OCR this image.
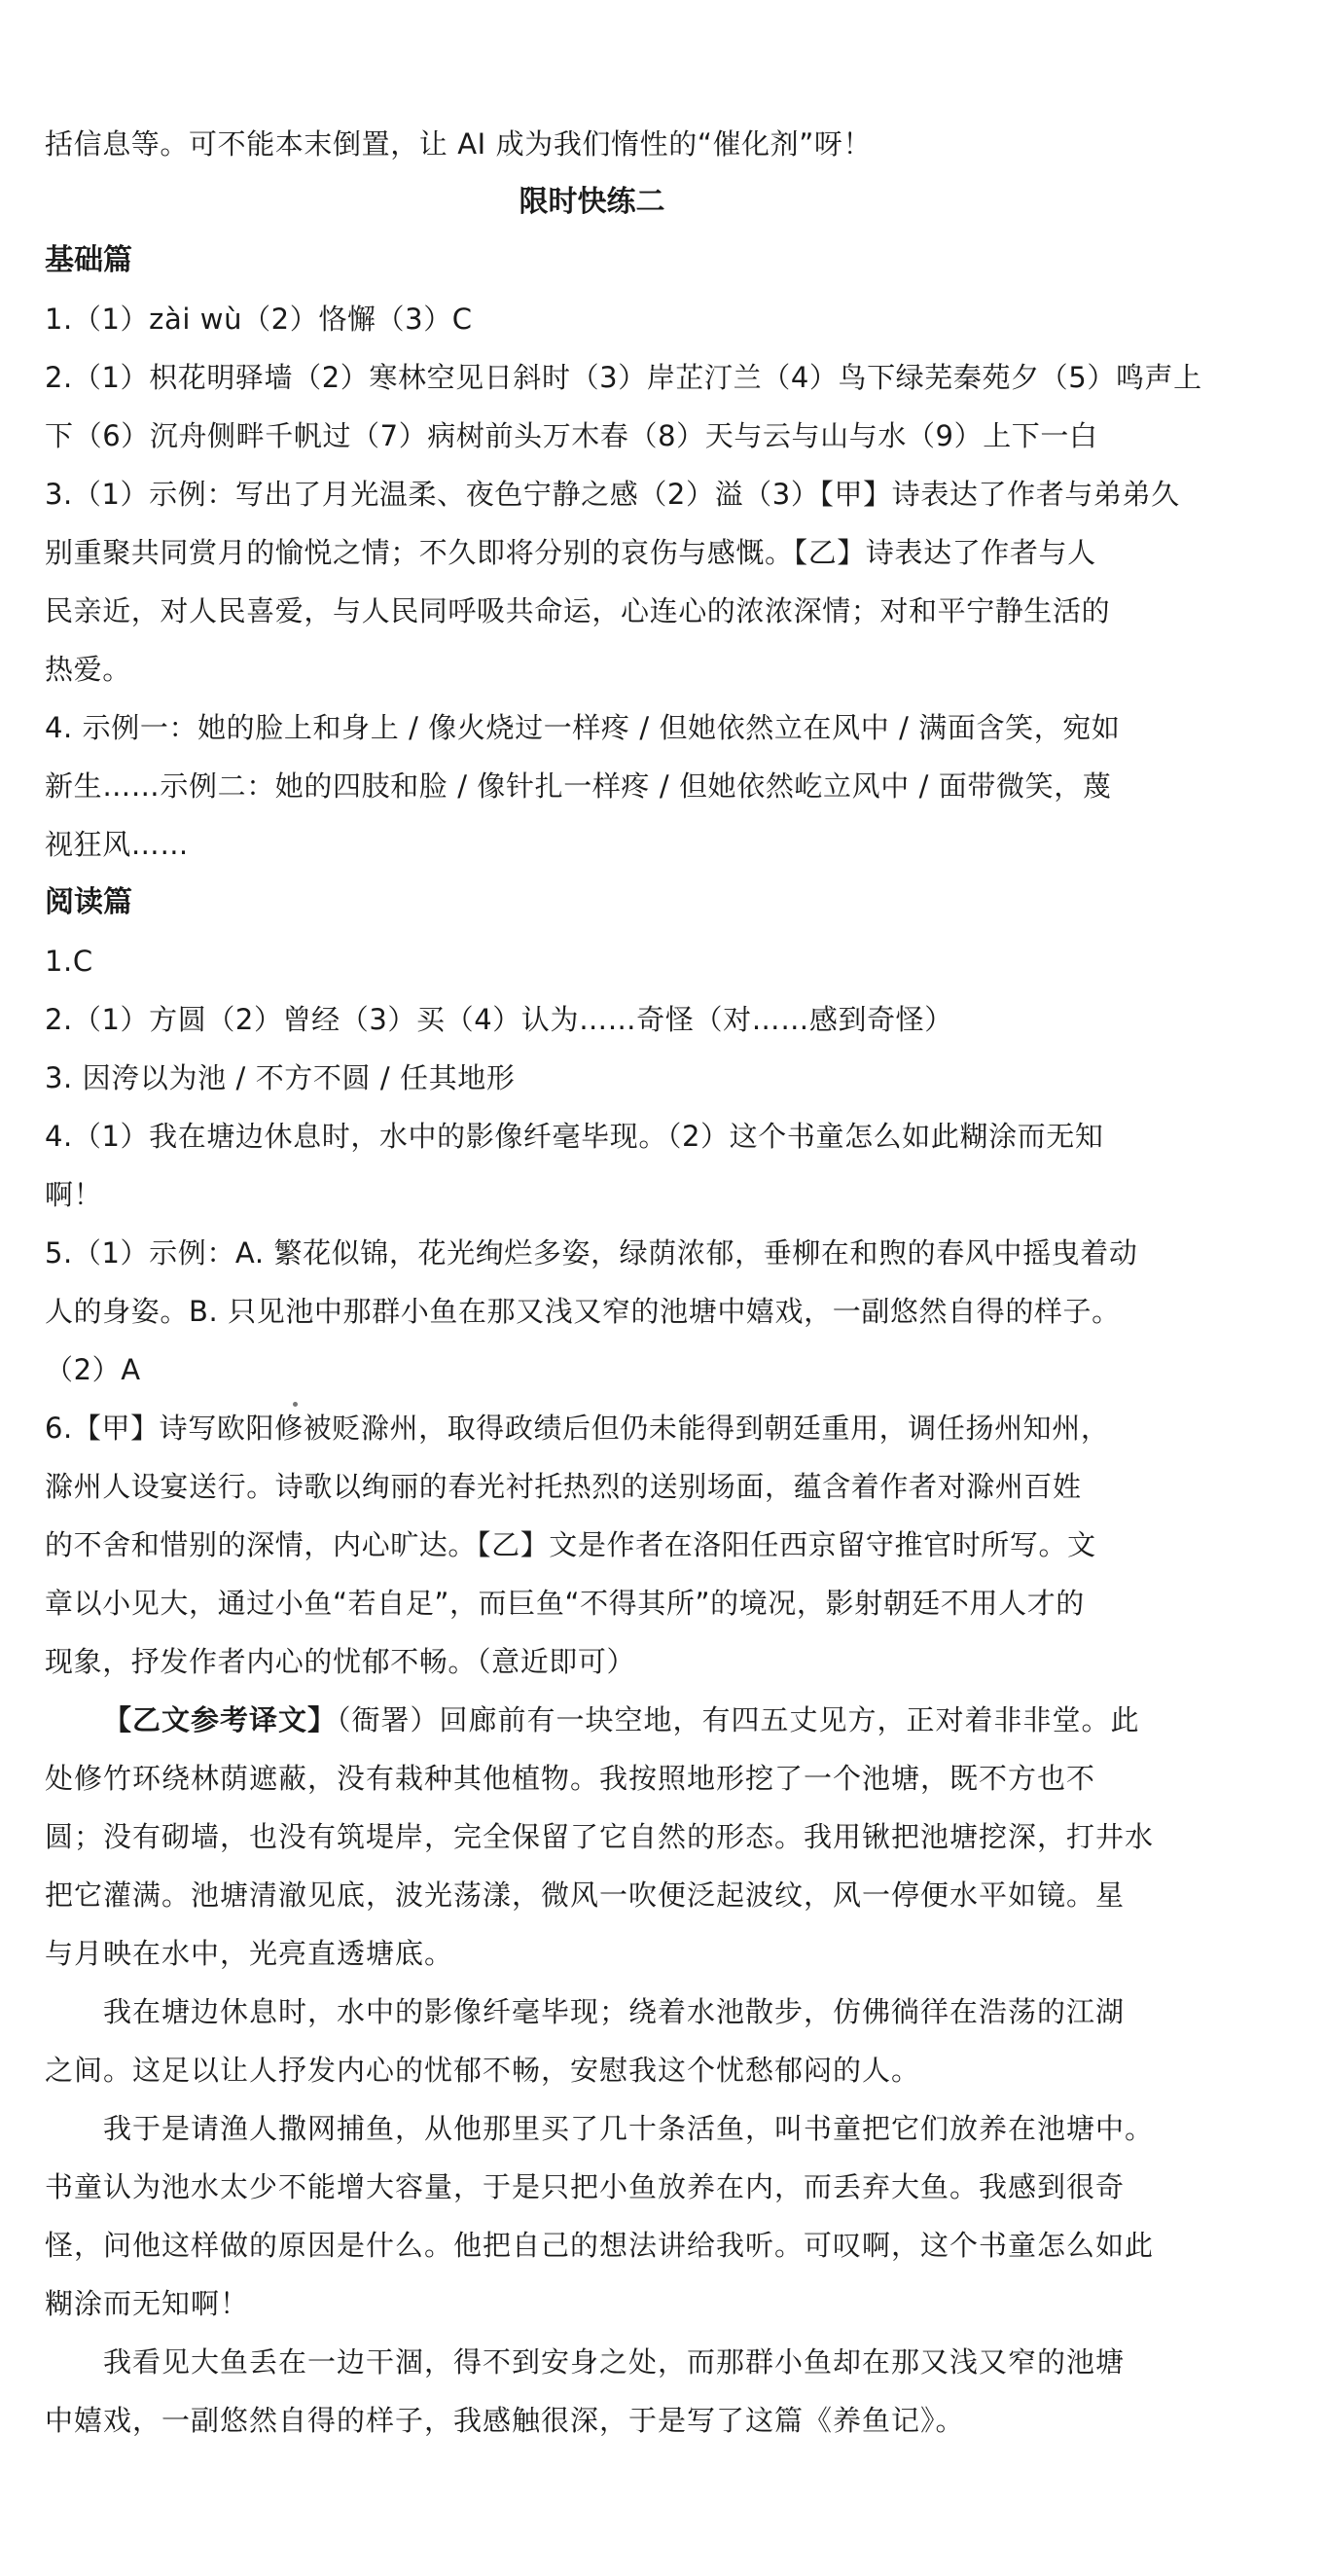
括信息等。可不能本末倒置，让 AI 成为我们惰性的“催化剂”呀！
限时快练二
基础篇
1.（1）zài wù（2）恪懈（3）C
2.（1）枳花明驿墙（2）寒林空见日斜时（3）岸芷汀兰（4）鸟下绿芜秦苑夕（5）鸣声上
下（6）沉舟侧畔千帆过（7）病树前头万木春（8）天与云与山与水（9）上下一白
3.（1）示例：写出了月光温柔、夜色宁静之感（2）溢（3）【甲】诗表达了作者与弟弟久
别重聚共同赏月的愉悦之情；不久即将分别的哀伤与感慨。【乙】诗表达了作者与人
民亲近，对人民喜爱，与人民同呼吸共命运，心连心的浓浓深情；对和平宁静生活的
热爱。
4. 示例一：她的脸上和身上 / 像火烧过一样疼 / 但她依然立在风中 / 满面含笑，宛如
新生……示例二：她的四肢和脸 / 像针扎一样疼 / 但她依然屹立风中 / 面带微笑，蔑
视狂风……
阅读篇
1.C
2.（1）方圆（2）曾经（3）买（4）认为……奇怪（对……感到奇怪）
3. 因洿以为池 / 不方不圆 / 任其地形
4.（1）我在塘边休息时，水中的影像纤毫毕现。（2）这个书童怎么如此糊涂而无知
啊！
5.（1）示例：A. 繁花似锦，花光绚烂多姿，绿荫浓郁，垂柳在和煦的春风中摇曳着动
人的身姿。B. 只见池中那群小鱼在那又浅又窄的池塘中嬉戏，一副悠然自得的样子。
（2）A
6.【甲】诗写欧阳修被贬滁州，取得政绩后但仍未能得到朝廷重用，调任扬州知州，
滁州人设宴送行。诗歌以绚丽的春光衬托热烈的送别场面，蕴含着作者对滁州百姓
的不舍和惜别的深情，内心旷达。【乙】文是作者在洛阳任西京留守推官时所写。文
章以小见大，通过小鱼“若自足”，而巨鱼“不得其所”的境况，影射朝廷不用人才的
现象，抒发作者内心的忧郁不畅。（意近即可）
【乙文参考译文】（衙署）回廊前有一块空地，有四五丈见方，正对着非非堂。此
处修竹环绕林荫遮蔽，没有栽种其他植物。我按照地形挖了一个池塘，既不方也不
圆；没有砌墙，也没有筑堤岸，完全保留了它自然的形态。我用锹把池塘挖深，打井水
把它灌满。池塘清澈见底，波光荡漾，微风一吹便泛起波纹，风一停便水平如镜。星
与月映在水中，光亮直透塘底。
我在塘边休息时，水中的影像纤毫毕现；绕着水池散步，仿佛徜徉在浩荡的江湖
之间。这足以让人抒发内心的忧郁不畅，安慰我这个忧愁郁闷的人。
我于是请渔人撒网捕鱼，从他那里买了几十条活鱼，叫书童把它们放养在池塘中。
书童认为池水太少不能增大容量，于是只把小鱼放养在内，而丢弃大鱼。我感到很奇
怪，问他这样做的原因是什么。他把自己的想法讲给我听。可叹啊，这个书童怎么如此
糊涂而无知啊！
我看见大鱼丢在一边干涸，得不到安身之处，而那群小鱼却在那又浅又窄的池塘
中嬉戏，一副悠然自得的样子，我感触很深，于是写了这篇《养鱼记》。
